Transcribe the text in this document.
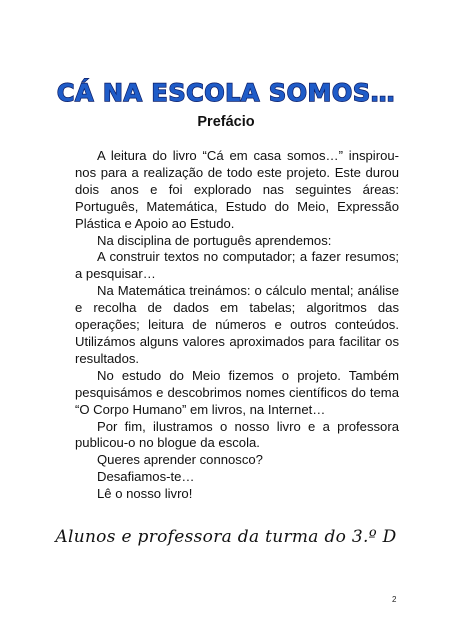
CÁ NA ESCOLA SOMOS…
Prefácio

A leitura do livro “Cá em casa somos…” inspirou-nos para a realização de todo este projeto. Este durou dois anos e foi explorado nas seguintes áreas: Português, Matemática, Estudo do Meio, Expressão Plástica e Apoio ao Estudo.

Na disciplina de português aprendemos:

A construir textos no computador; a fazer resumos; a pesquisar…

Na Matemática treinámos: o cálculo mental; análise e recolha de dados em tabelas; algoritmos das operações; leitura de números e outros conteúdos. Utilizámos alguns valores aproximados para facilitar os resultados.

No estudo do Meio fizemos o projeto. Também pesquisámos e descobrimos nomes científicos do tema “O Corpo Humano” em livros, na Internet…

Por fim, ilustramos o nosso livro e a professora publicou-o no blogue da escola.

Queres aprender connosco?

Desafiamos-te…

Lê o nosso livro!

Alunos e professora da turma do 3.º D
2
